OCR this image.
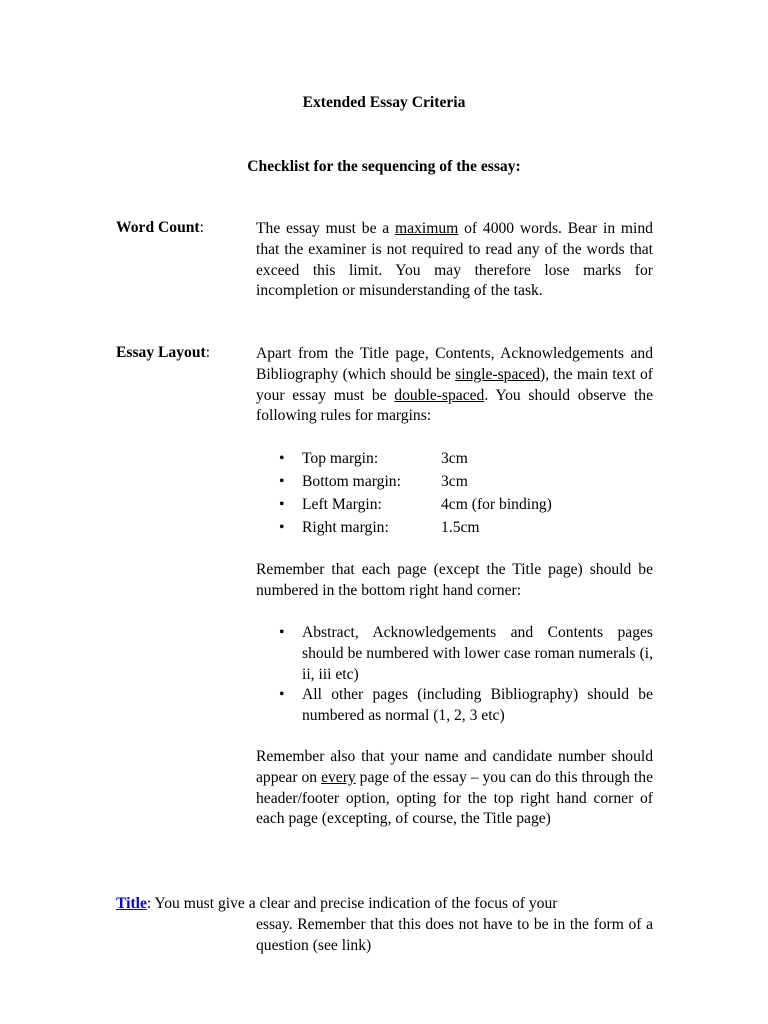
Extended Essay Criteria
Checklist for the sequencing of the essay:
Word Count:	The essay must be a maximum of 4000 words. Bear in mind that the examiner is not required to read any of the words that exceed this limit. You may therefore lose marks for incompletion or misunderstanding of the task.
Essay Layout:	Apart from the Title page, Contents, Acknowledgements and Bibliography (which should be single-spaced), the main text of your essay must be double-spaced. You should observe the following rules for margins:

• Top margin:	3cm
• Bottom margin:	3cm
• Left Margin:	4cm (for binding)
• Right margin:	1.5cm

Remember that each page (except the Title page) should be numbered in the bottom right hand corner:

• Abstract, Acknowledgements and Contents pages should be numbered with lower case roman numerals (i, ii, iii etc)
• All other pages (including Bibliography) should be numbered as normal (1, 2, 3 etc)

Remember also that your name and candidate number should appear on every page of the essay – you can do this through the header/footer option, opting for the top right hand corner of each page (excepting, of course, the Title page)

Title: You must give a clear and precise indication of the focus of your
essay. Remember that this does not have to be in the form of a question (see link)
